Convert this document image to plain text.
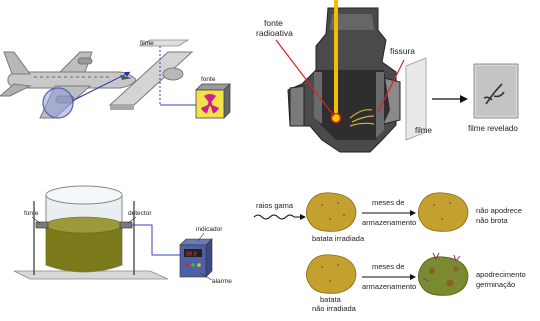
filme
fonte
fonte
radioativa
fissura
filme	filme revelado
fonte	detector
88.8
indicador
alarme
raios gama
batata irradiada
meses de
armazenamento
não apodrece
não brota
batata
não irradiada
meses de
armazenamento
apodrecimento
germinação
